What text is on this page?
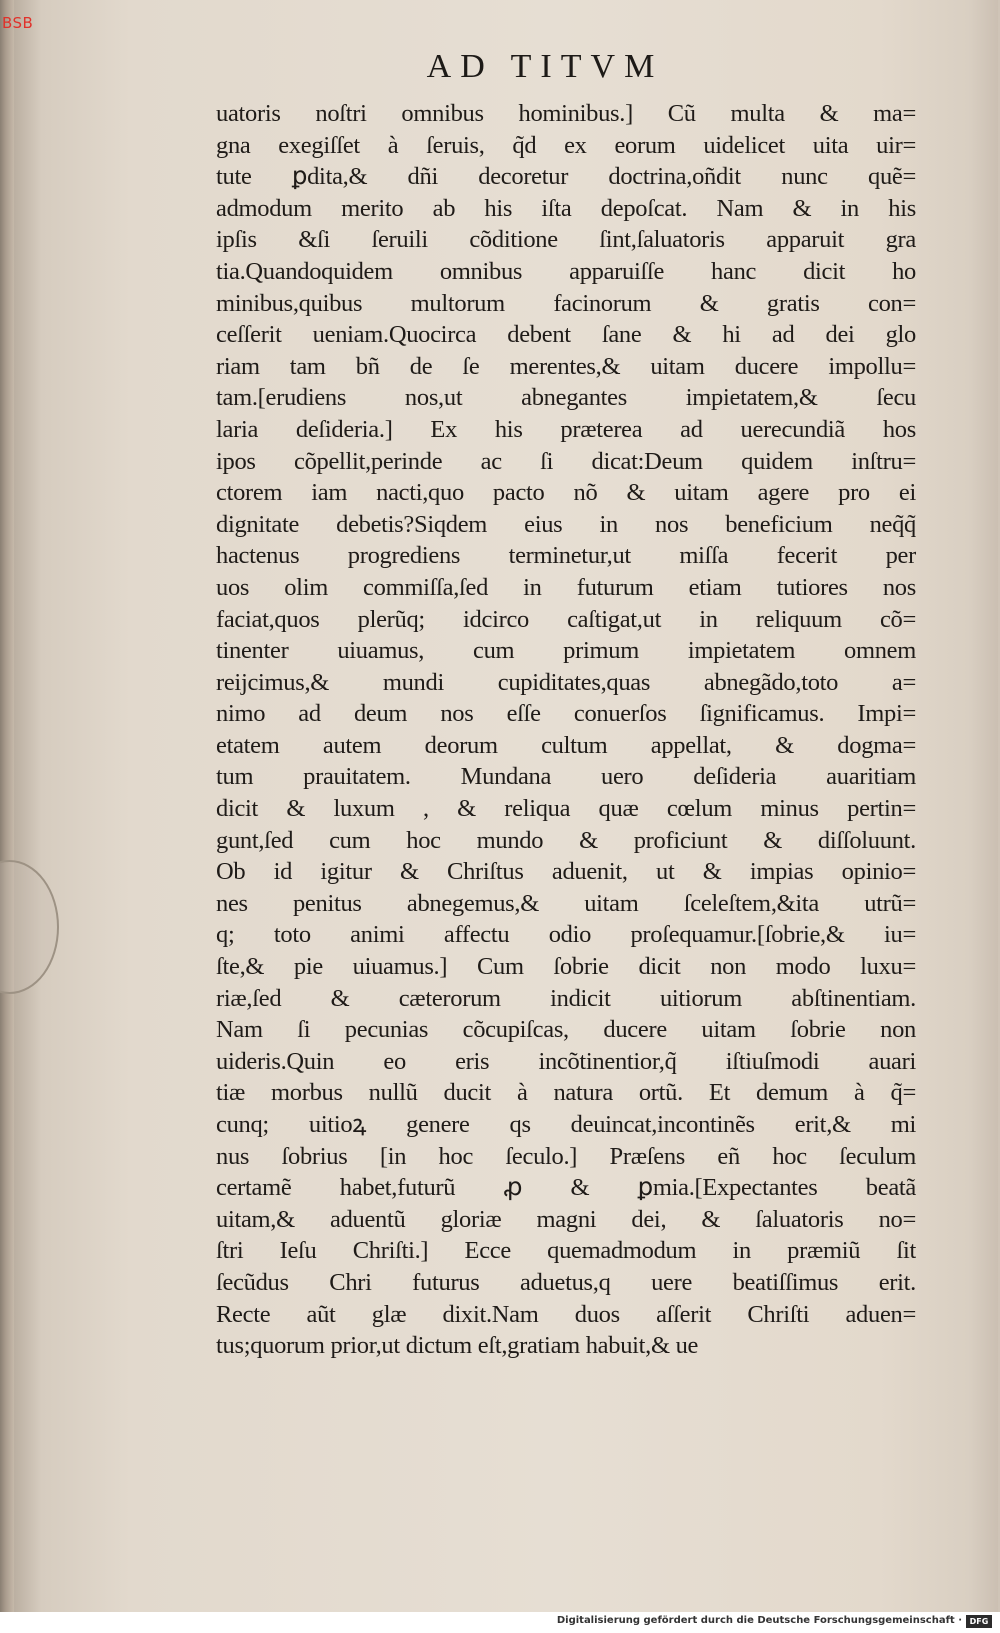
BSB
AD TITVM
uatoris noſtri omnibus hominibus.] Cũ multa & ma=
gna exegiſſet à ſeruis, q̃d ex eorum uidelicet uita uir=
tute ꝑdita,& dñi decoretur doctrina,oñdit nunc quẽ=
admodum merito ab his iſta depoſcat. Nam & in his
ipſis &ſi ſeruili cõditione ſint,ſaluatoris apparuit gra
tia.Quandoquidem omnibus apparuiſſe hanc dicit ho
minibus,quibus multorum facinorum & gratis con=
ceſſerit ueniam.Quocirca debent ſane & hi ad dei glo
riam tam bñ de ſe merentes,& uitam ducere impollu=
tam.[erudiens nos,ut abnegantes impietatem,& ſecu
laria deſideria.] Ex his prӕterea ad uerecundiã hos
ipos cõpellit,perinde ac ſi dicat:Deum quidem inſtru=
ctorem iam nacti,quo pacto nõ & uitam agere pro ei
dignitate debetis?Siqdem eius in nos beneficium neq̃q̃
hactenus progrediens terminetur,ut miſſa fecerit per
uos olim commiſſa,ſed in futurum etiam tutiores nos
faciat,quos plerũq; idcirco caſtigat,ut in reliquum cõ=
tinenter uiuamus, cum primum impietatem omnem
reijcimus,& mundi cupiditates,quas abnegãdo,toto a=
nimo ad deum nos eſſe conuerſos ſignificamus. Impi=
etatem autem deorum cultum appellat, & dogma=
tum prauitatem. Mundana uero deſideria auaritiam
dicit & luxum , & reliqua quӕ cœlum minus pertin=
gunt,ſed cum hoc mundo & proficiunt & diſſoluunt.
Ob id igitur & Chriſtus aduenit, ut & impias opinio=
nes penitus abnegemus,& uitam ſceleſtem,&ita utrũ=
q; toto animi affectu odio proſequamur.[ſobrie,& iu=
ſte,& pie uiuamus.] Cum ſobrie dicit non modo luxu=
riӕ,ſed & cӕterorum indicit uitiorum abſtinentiam.
Nam ſi pecunias cõcupiſcas, ducere uitam ſobrie non
uideris.Quin eo eris incõtinentior,q̃ iſtiuſmodi auari
tiӕ morbus nullũ ducit à natura ortũ. Et demum à q̃=
cunq; uitioꝝ genere qs deuincat,incontinẽs erit,& mi
nus ſobrius [in hoc ſeculo.] Prӕſens eñ hoc ſeculum
certamẽ habet,futurũ ꝓ & ꝑmia.[Expectantes beatã
uitam,& aduentũ gloriӕ magni dei, & ſaluatoris no=
ſtri Ieſu Chriſti.] Ecce quemadmodum in prӕmiũ ſit
ſecũdus Chri futurus aduetus,q uere beatiſſimus erit.
Recte aũt glӕ dixit.Nam duos aſſerit Chriſti aduen=
tus;quorum prior,ut dictum eſt,gratiam habuit,& ue
Digitalisierung gefördert durch die Deutsche Forschungsgemeinschaft · DFG
